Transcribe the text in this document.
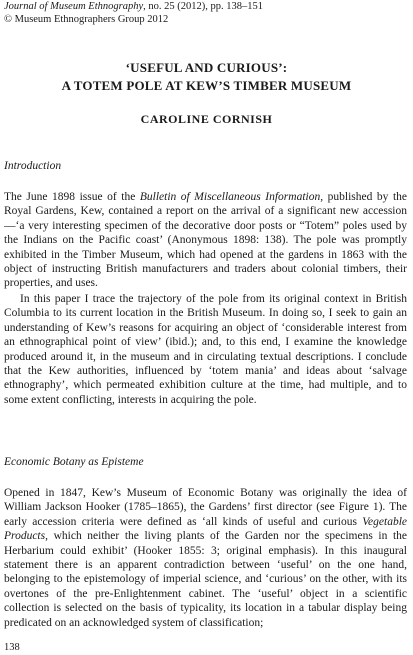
Journal of Museum Ethnography, no. 25 (2012), pp. 138–151
© Museum Ethnographers Group 2012
‘USEFUL AND CURIOUS’:
A TOTEM POLE AT KEW’S TIMBER MUSEUM
CAROLINE CORNISH
Introduction

The June 1898 issue of the Bulletin of Miscellaneous Information, published by the Royal Gardens, Kew, contained a report on the arrival of a significant new accession—‘a very interesting specimen of the decorative door posts or “Totem” poles used by the Indians on the Pacific coast’ (Anonymous 1898: 138). The pole was promptly exhibited in the Timber Museum, which had opened at the gardens in 1863 with the object of instructing British manufacturers and traders about colonial timbers, their properties, and uses.

In this paper I trace the trajectory of the pole from its original context in British Columbia to its current location in the British Museum. In doing so, I seek to gain an understanding of Kew’s reasons for acquiring an object of ‘considerable interest from an ethnographical point of view’ (ibid.); and, to this end, I examine the knowledge produced around it, in the museum and in circulating textual descriptions. I conclude that the Kew authorities, influenced by ‘totem mania’ and ideas about ‘salvage ethnography’, which permeated exhibition culture at the time, had multiple, and to some extent conflicting, interests in acquiring the pole.

Economic Botany as Episteme

Opened in 1847, Kew’s Museum of Economic Botany was originally the idea of William Jackson Hooker (1785–1865), the Gardens’ first director (see Figure 1). The early accession criteria were defined as ‘all kinds of useful and curious Vegetable Products, which neither the living plants of the Garden nor the specimens in the Herbarium could exhibit’ (Hooker 1855: 3; original emphasis). In this inaugural statement there is an apparent contradiction between ‘useful’ on the one hand, belonging to the epistemology of imperial science, and ‘curious’ on the other, with its overtones of the pre-Enlightenment cabinet. The ‘useful’ object in a scientific collection is selected on the basis of typicality, its location in a tabular display being predicated on an acknowledged system of classification;

138
